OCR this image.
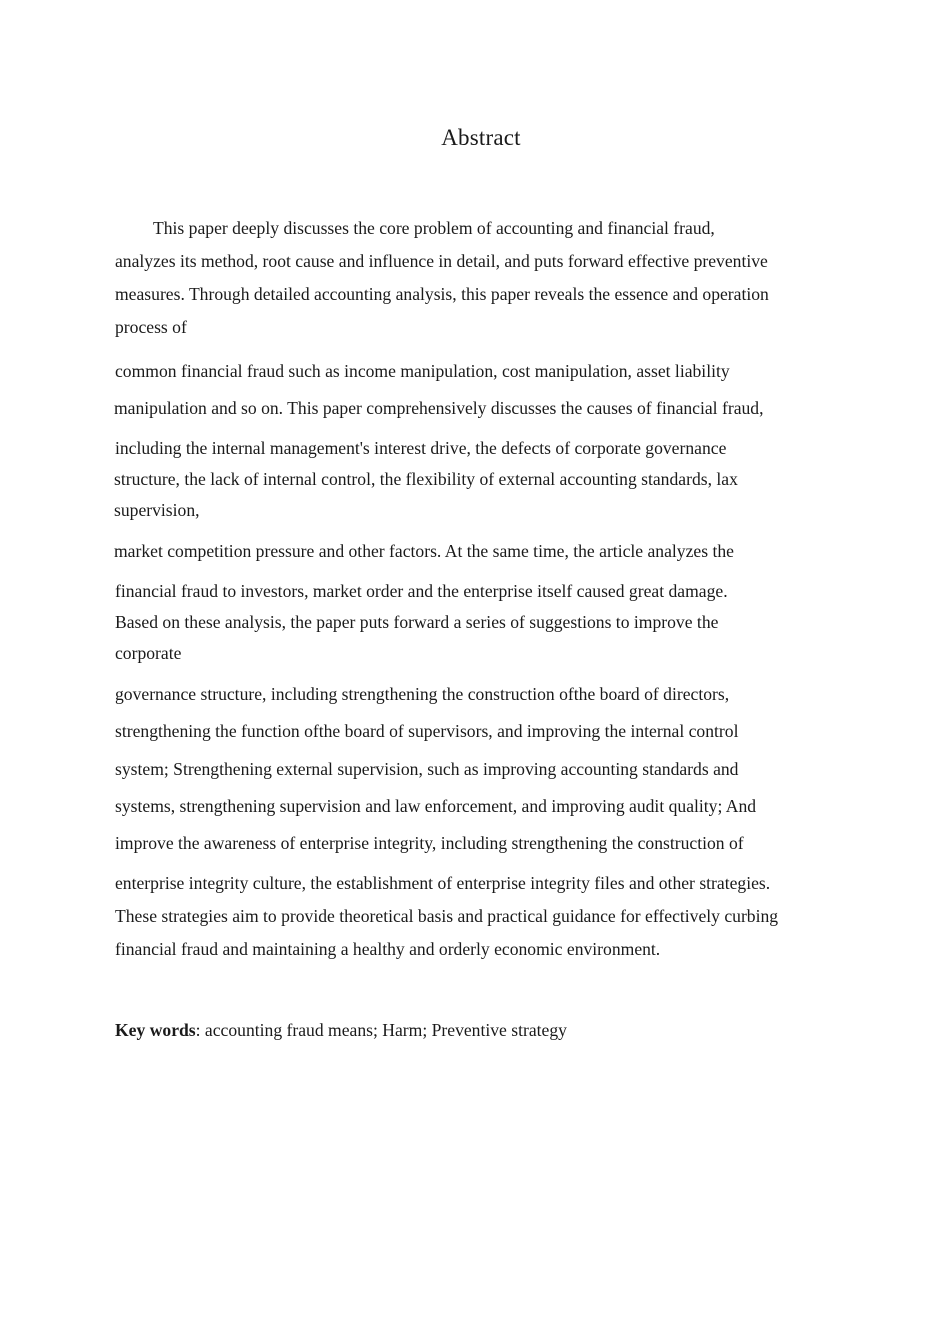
Abstract
This paper deeply discusses the core problem of accounting and financial fraud,
analyzes its method, root cause and influence in detail, and puts forward effective preventive
measures. Through detailed accounting analysis, this paper reveals the essence and operation
process of
common financial fraud such as income manipulation, cost manipulation, asset liability
manipulation and so on. This paper comprehensively discusses the causes of financial fraud,
including the internal management's interest drive, the defects of corporate governance
structure, the lack of internal control, the flexibility of external accounting standards, lax
supervision,
market competition pressure and other factors. At the same time, the article analyzes the
financial fraud to investors, market order and the enterprise itself caused great damage.
Based on these analysis, the paper puts forward a series of suggestions to improve the
corporate
governance structure, including strengthening the construction ofthe board of directors,
strengthening the function ofthe board of supervisors, and improving the internal control
system; Strengthening external supervision, such as improving accounting standards and
systems, strengthening supervision and law enforcement, and improving audit quality; And
improve the awareness of enterprise integrity, including strengthening the construction of
enterprise integrity culture, the establishment of enterprise integrity files and other strategies.
These strategies aim to provide theoretical basis and practical guidance for effectively curbing
financial fraud and maintaining a healthy and orderly economic environment.
Key words: accounting fraud means; Harm; Preventive strategy
